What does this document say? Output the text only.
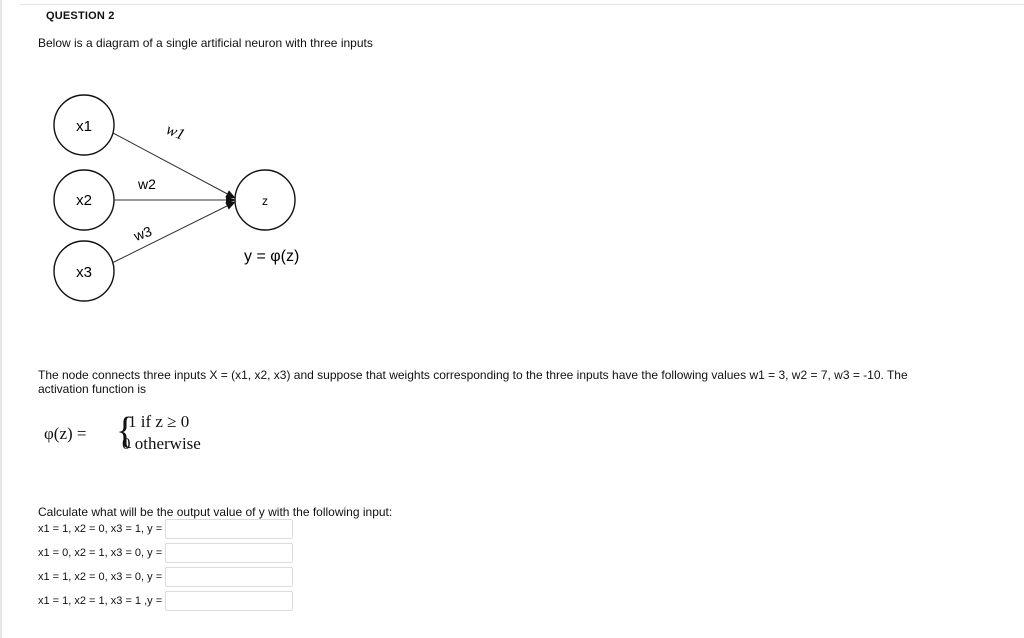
QUESTION 2
Below is a diagram of a single artificial neuron with three inputs
x1
x2
x3
z
w1
w2
w3
y = φ(z)
The node connects three inputs X = (x1, x2, x3) and suppose that weights corresponding to the three inputs have the following values w1 = 3, w2 = 7, w3 = -10. The activation function is
φ(z) = {
1 if z ≥ 0
0 otherwise
Calculate what will be the output value of y with the following input:
x1 = 1, x2 = 0, x3 = 1, y =
x1 = 0, x2 = 1, x3 = 0, y =
x1 = 1, x2 = 0, x3 = 0, y =
x1 = 1, x2 = 1, x3 = 1 ,y =
